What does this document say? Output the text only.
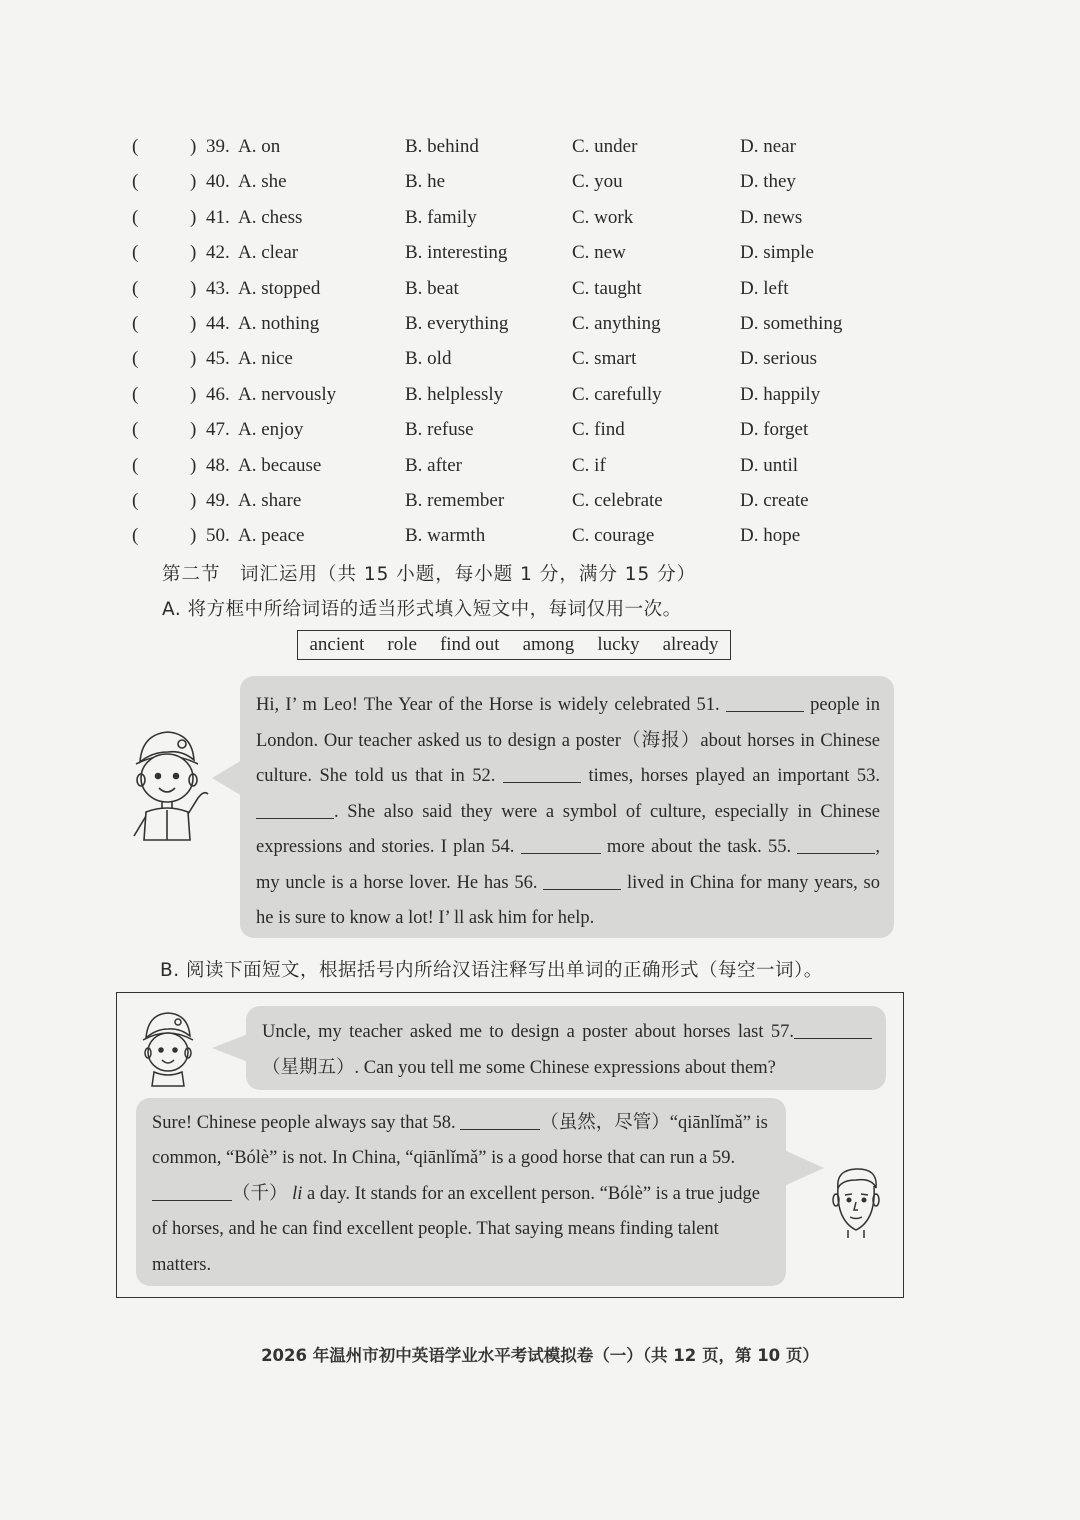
(	) 39. A. on	B. behind	C. under	D. near
(	) 40. A. she	B. he	C. you	D. they
(	) 41. A. chess	B. family	C. work	D. news
(	) 42. A. clear	B. interesting	C. new	D. simple
(	) 43. A. stopped	B. beat	C. taught	D. left
(	) 44. A. nothing	B. everything	C. anything	D. something
(	) 45. A. nice	B. old	C. smart	D. serious
(	) 46. A. nervously	B. helplessly	C. carefully	D. happily
(	) 47. A. enjoy	B. refuse	C. find	D. forget
(	) 48. A. because	B. after	C. if	D. until
(	) 49. A. share	B. remember	C. celebrate	D. create
(	) 50. A. peace	B. warmth	C. courage	D. hope
第二节　词汇运用（共 15 小题，每小题 1 分，满分 15 分）
A. 将方框中所给词语的适当形式填入短文中，每词仅用一次。
ancient role find out among lucky already

Hi, I’ m Leo! The Year of the Horse is widely celebrated 51.	people in London. Our teacher asked us to design a poster（海报）about horses in Chinese culture. She told us that in 52.	times, horses played an important 53. . She also said they were a symbol of culture, especially in Chinese expressions and stories. I plan 54.	more about the task. 55.	, my uncle is a horse lover. He has 56.	lived in China for many years, so he is sure to know a lot! I’ ll ask him for help.

B. 阅读下面短文，根据括号内所给汉语注释写出单词的正确形式（每空一词）。

Uncle, my teacher asked me to design a poster about horses last 57.（星期五）. Can you tell me some Chinese expressions about them?

Sure! Chinese people always say that 58.	（虽然，尽管）“qiānlǐmǎ” is common, “Bólè” is not. In China, “qiānlǐmǎ” is a good horse that can run a 59. （千） li a day. It stands for an excellent person. “Bólè” is a true judge of horses, and he can find excellent people. That saying means finding talent matters.

2026 年温州市初中英语学业水平考试模拟卷（一）（共 12 页，第 10 页）
